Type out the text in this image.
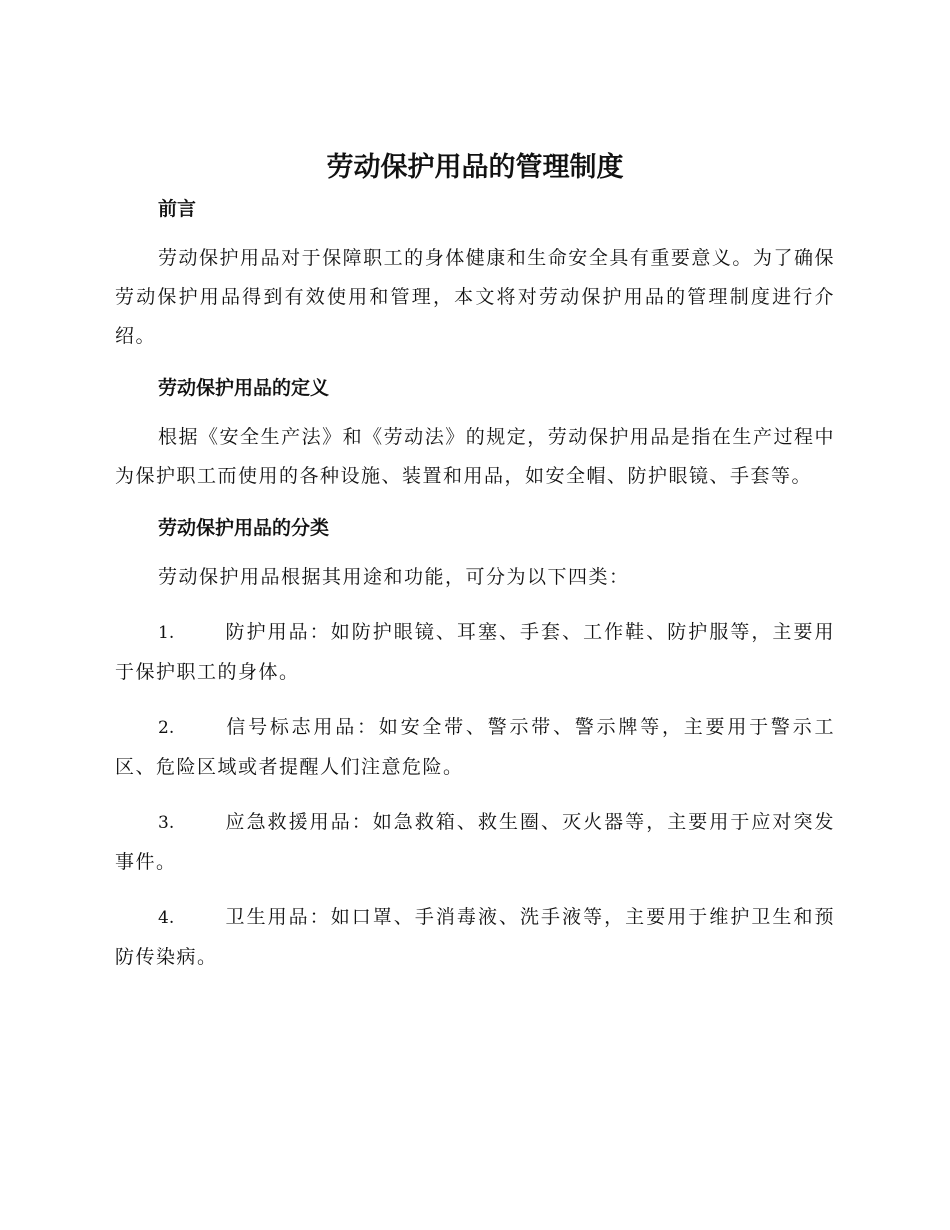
劳动保护用品的管理制度
前言

劳动保护用品对于保障职工的身体健康和生命安全具有重要意义。为了确保劳动保护用品得到有效使用和管理，本文将对劳动保护用品的管理制度进行介绍。

劳动保护用品的定义

根据《安全生产法》和《劳动法》的规定，劳动保护用品是指在生产过程中为保护职工而使用的各种设施、装置和用品，如安全帽、防护眼镜、手套等。

劳动保护用品的分类

劳动保护用品根据其用途和功能，可分为以下四类：

1.	防护用品：如防护眼镜、耳塞、手套、工作鞋、防护服等，主要用于保护职工的身体。

2.	信号标志用品：如安全带、警示带、警示牌等，主要用于警示工区、危险区域或者提醒人们注意危险。

3.	应急救援用品：如急救箱、救生圈、灭火器等，主要用于应对突发事件。

4.	卫生用品：如口罩、手消毒液、洗手液等，主要用于维护卫生和预防传染病。
